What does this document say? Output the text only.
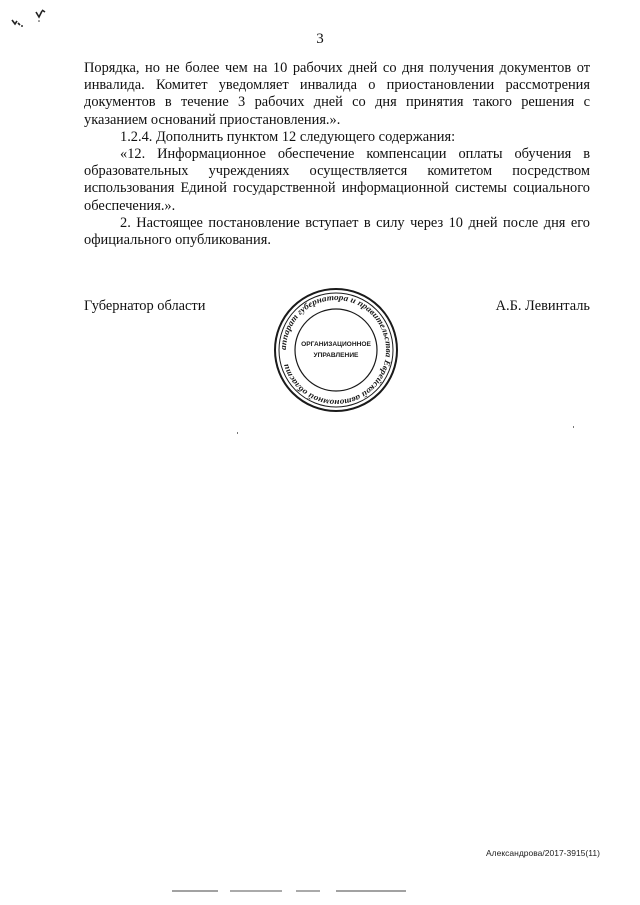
3

Порядка, но не более чем на 10 рабочих дней со дня получения документов от инвалида. Комитет уведомляет инвалида о приостановлении рассмотрения документов в течение 3 рабочих дней со дня принятия такого решения с указанием оснований приостановления.».

1.2.4. Дополнить пунктом 12 следующего содержания:

«12. Информационное обеспечение компенсации оплаты обучения в образовательных учреждениях осуществляется комитетом посредством использования Единой государственной информационной системы социального обеспечения.».

2. Настоящее постановление вступает в силу через 10 дней после дня его официального опубликования.

Губернатор области	А.Б. Левинталь
аппарат губернатора и правительства Еврейской автономной области
ОРГАНИЗАЦИОННОЕ
УПРАВЛЕНИЕ
Александрова/2017-3915(11)
